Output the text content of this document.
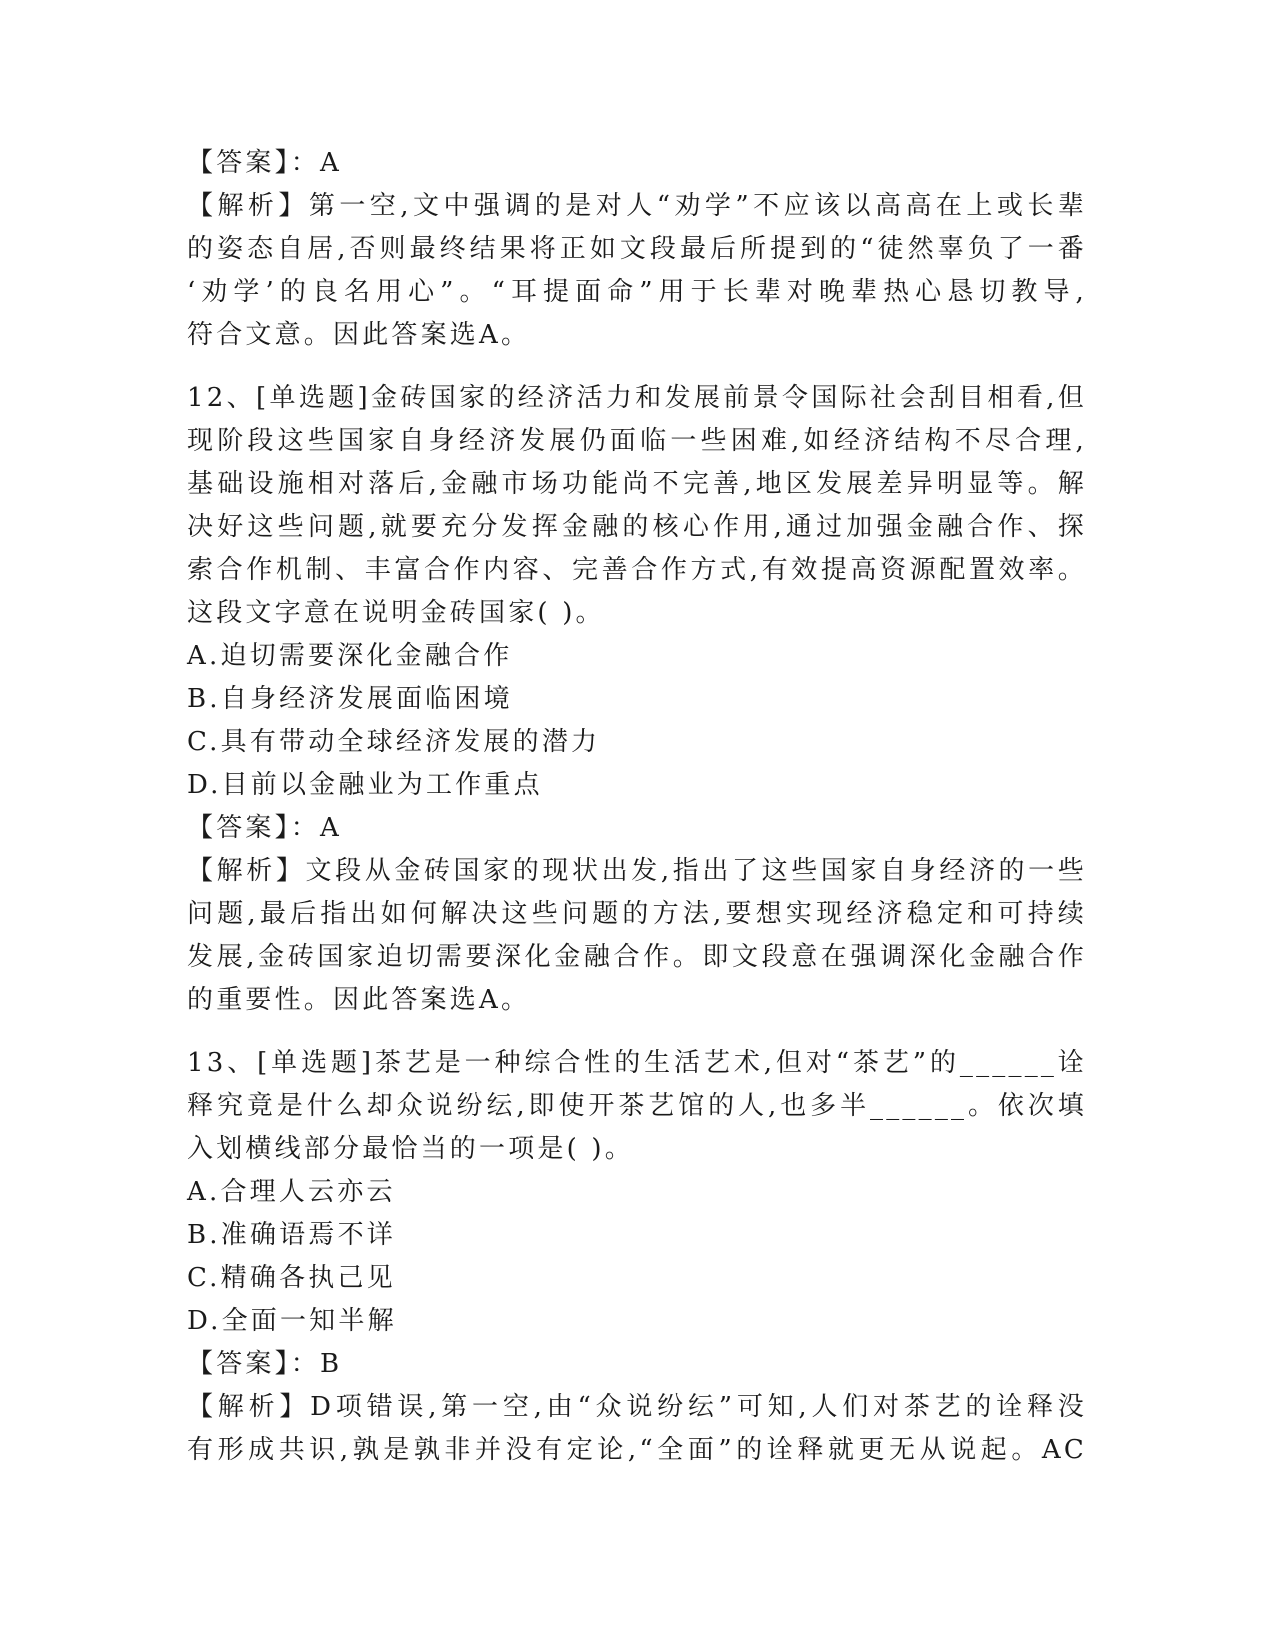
【答案】：A
【解析】第一空,文中强调的是对人“劝学”不应该以高高在上或长辈
的姿态自居,否则最终结果将正如文段最后所提到的“徒然辜负了一番
‘劝学’的良名用心”。“耳提面命”用于长辈对晚辈热心恳切教导,
符合文意。因此答案选A。
12、[单选题]金砖国家的经济活力和发展前景令国际社会刮目相看,但
现阶段这些国家自身经济发展仍面临一些困难,如经济结构不尽合理,
基础设施相对落后,金融市场功能尚不完善,地区发展差异明显等。解
决好这些问题,就要充分发挥金融的核心作用,通过加强金融合作、探
索合作机制、丰富合作内容、完善合作方式,有效提高资源配置效率。
这段文字意在说明金砖国家( )。
A.迫切需要深化金融合作
B.自身经济发展面临困境
C.具有带动全球经济发展的潜力
D.目前以金融业为工作重点
【答案】：A
【解析】文段从金砖国家的现状出发,指出了这些国家自身经济的一些
问题,最后指出如何解决这些问题的方法,要想实现经济稳定和可持续
发展,金砖国家迫切需要深化金融合作。即文段意在强调深化金融合作
的重要性。因此答案选A。
13、[单选题]茶艺是一种综合性的生活艺术,但对“茶艺”的______诠
释究竟是什么却众说纷纭,即使开茶艺馆的人,也多半______。依次填
入划横线部分最恰当的一项是( )。
A.合理人云亦云
B.准确语焉不详
C.精确各执己见
D.全面一知半解
【答案】：B
【解析】D项错误,第一空,由“众说纷纭”可知,人们对茶艺的诠释没
有形成共识,孰是孰非并没有定论,“全面”的诠释就更无从说起。AC
